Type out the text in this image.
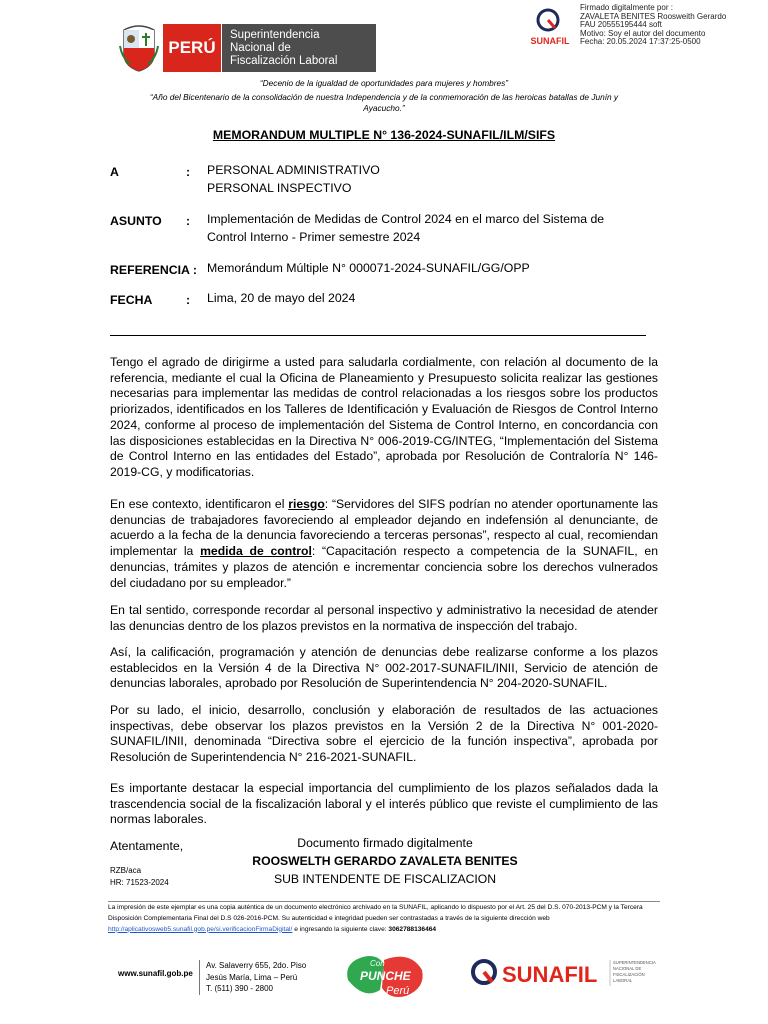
PERÚ
Superintendencia
Nacional de
Fiscalización Laboral
SUNAFIL
Firmado digitalmente por :
ZAVALETA BENITES Roosweith Gerardo
FAU 20555195444 soft
Motivo: Soy el autor del documento
Fecha: 20.05.2024 17:37:25-0500
“Decenio de la igualdad de oportunidades para mujeres y hombres”
“Año del Bicentenario de la consolidación de nuestra Independencia y de la conmemoración de las heroicas batallas de Junín y
Ayacucho.”
MEMORANDUM MULTIPLE N° 136-2024-SUNAFIL/ILM/SIFS
A	: PERSONAL ADMINISTRATIVO
PERSONAL INSPECTIVO
ASUNTO : Implementación de Medidas de Control 2024 en el marco del Sistema de
Control Interno - Primer semestre 2024
REFERENCIA : Memorándum Múltiple N° 000071-2024-SUNAFIL/GG/OPP
FECHA	: Lima, 20 de mayo del 2024
Tengo el agrado de dirigirme a usted para saludarla cordialmente, con relación al documento de la referencia, mediante el cual la Oficina de Planeamiento y Presupuesto solicita realizar las gestiones necesarias para implementar las medidas de control relacionadas a los riesgos sobre los productos priorizados, identificados en los Talleres de Identificación y Evaluación de Riesgos de Control Interno 2024, conforme al proceso de implementación del Sistema de Control Interno, en concordancia con las disposiciones establecidas en la Directiva N° 006-2019-CG/INTEG, “Implementación del Sistema de Control Interno en las entidades del Estado”, aprobada por Resolución de Contraloría N° 146-2019-CG, y modificatorias.
En ese contexto, identificaron el riesgo: “Servidores del SIFS podrían no atender oportunamente las denuncias de trabajadores favoreciendo al empleador dejando en indefensión al denunciante, de acuerdo a la fecha de la denuncia favoreciendo a terceras personas”, respecto al cual, recomiendan implementar la medida de control: “Capacitación respecto a competencia de la SUNAFIL, en denuncias, trámites y plazos de atención e incrementar conciencia sobre los derechos vulnerados del ciudadano por su empleador.”
En tal sentido, corresponde recordar al personal inspectivo y administrativo la necesidad de atender las denuncias dentro de los plazos previstos en la normativa de inspección del trabajo.
Así, la calificación, programación y atención de denuncias debe realizarse conforme a los plazos establecidos en la Versión 4 de la Directiva N° 002-2017-SUNAFIL/INII, Servicio de atención de denuncias laborales, aprobado por Resolución de Superintendencia N° 204-2020-SUNAFIL.
Por su lado, el inicio, desarrollo, conclusión y elaboración de resultados de las actuaciones inspectivas, debe observar los plazos previstos en la Versión 2 de la Directiva N° 001-2020-SUNAFIL/INII, denominada “Directiva sobre el ejercicio de la función inspectiva”, aprobada por Resolución de Superintendencia N° 216-2021-SUNAFIL.
Es importante destacar la especial importancia del cumplimiento de los plazos señalados dada la trascendencia social de la fiscalización laboral y el interés público que reviste el cumplimiento de las normas laborales.
Atentamente,	Documento firmado digitalmente
ROOSWELTH GERARDO ZAVALETA BENITES
SUB INTENDENTE DE FISCALIZACION
RZB/aca
HR: 71523-2024
La impresión de este ejemplar es una copia auténtica de un documento electrónico archivado en la SUNAFIL, aplicando lo dispuesto por el Art. 25 del D.S. 070-2013-PCM y la Tercera Disposición Complementaria Final del D.S 026-2016-PCM. Su autenticidad e integridad pueden ser contrastadas a través de la siguiente dirección web http://aplicativosweb5.sunafil.gob.pe/si.verificacionFirmaDigital/ e ingresando la siguiente clave: 3062788136464
www.sunafil.gob.pe
Av. Salaverry 655, 2do. Piso
Jesús María, Lima – Perú
T. (511) 390 - 2800
Con
PUNCHE
Perú
SUNAFIL	SUPERINTENDENCIA
NACIONAL DE
FISCALIZACIÓN
LABORAL
